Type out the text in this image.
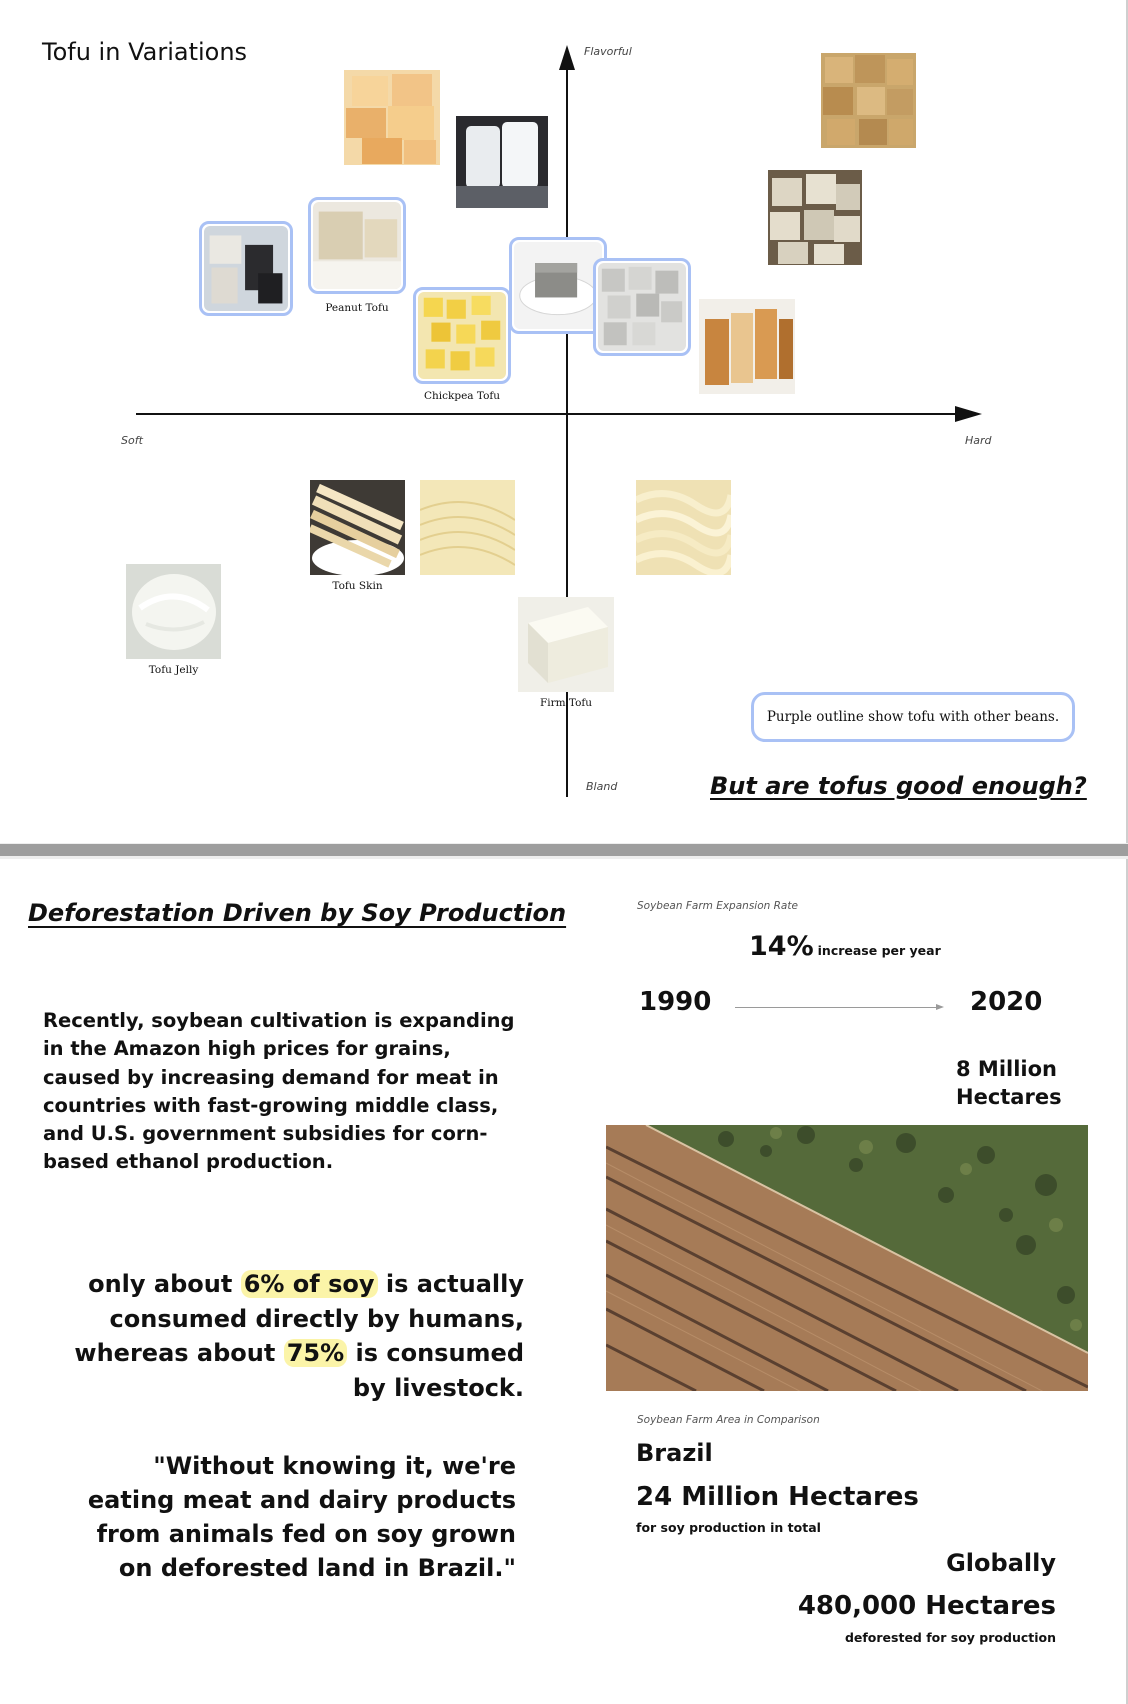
Tofu in Variations	Flavorful
Bland
Soft	Hard
Peanut Tofu
Chickpea Tofu
Tofu Skin
Tofu Jelly
Firm Tofu
Purple outline show tofu with other beans.
But are tofus good enough?
Deforestation Driven by Soy Production
Recently, soybean cultivation is expanding in the Amazon high prices for grains, caused by increasing demand for meat in countries with fast-growing middle class, and U.S. government subsidies for corn-based ethanol production.
only about 6% of soy is actually consumed directly by humans, whereas about 75% is consumed by livestock.
"Without knowing it, we're eating meat and dairy products from animals fed on soy grown on deforested land in Brazil."
Soybean Farm Expansion Rate
14% increase per year
1990	2020
8 Million
Hectares
Soybean Farm Area in Comparison
Brazil
24 Million Hectares
for soy production in total
Globally
480,000 Hectares
deforested for soy production
